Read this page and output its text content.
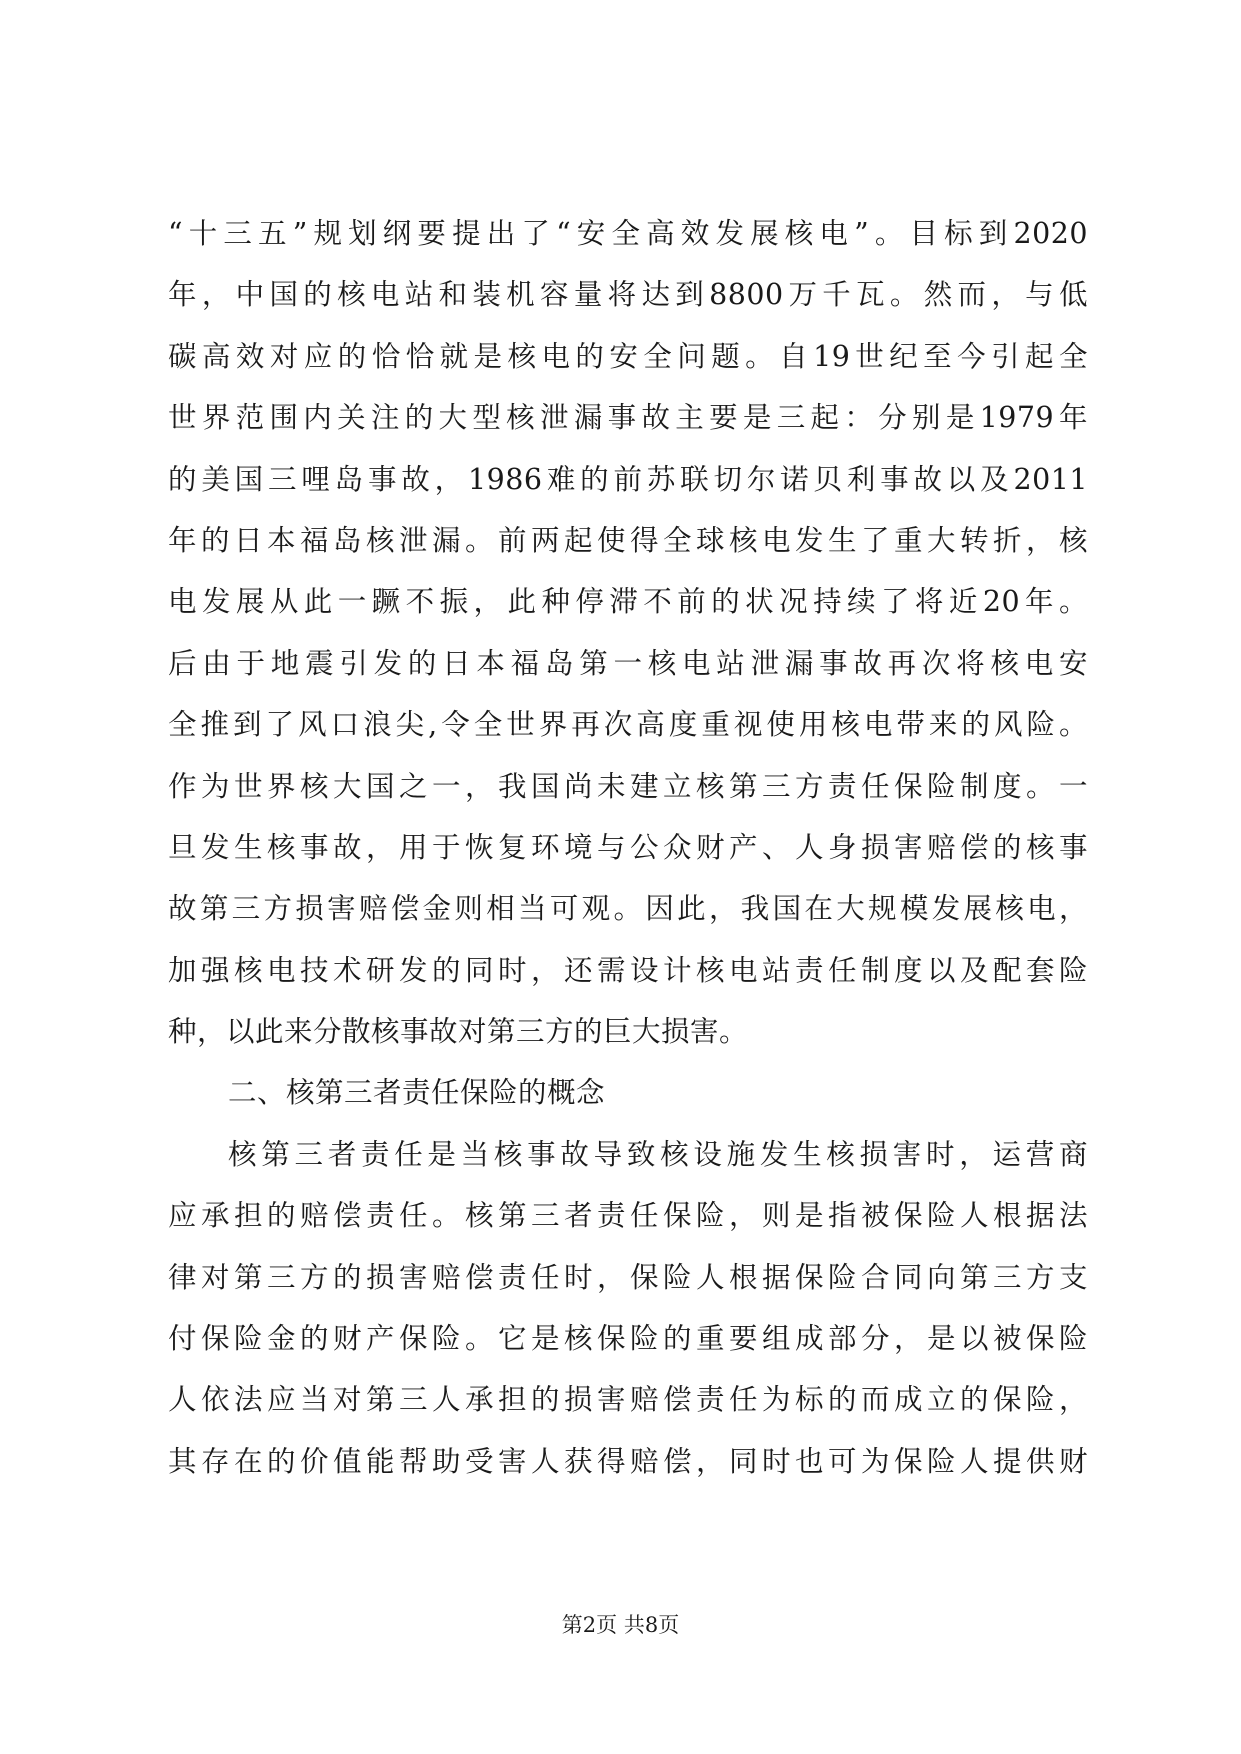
“十三五”规划纲要提出了“安全高效发展核电”。目标到2020
年，中国的核电站和装机容量将达到8800万千瓦。然而，与低
碳高效对应的恰恰就是核电的安全问题。自19世纪至今引起全
世界范围内关注的大型核泄漏事故主要是三起：分别是1979年
的美国三哩岛事故，1986难的前苏联切尔诺贝利事故以及2011
年的日本福岛核泄漏。前两起使得全球核电发生了重大转折，核
电发展从此一蹶不振，此种停滞不前的状况持续了将近20年。
后由于地震引发的日本福岛第一核电站泄漏事故再次将核电安
全推到了风口浪尖,令全世界再次高度重视使用核电带来的风险。
作为世界核大国之一，我国尚未建立核第三方责任保险制度。一
旦发生核事故，用于恢复环境与公众财产、人身损害赔偿的核事
故第三方损害赔偿金则相当可观。因此，我国在大规模发展核电，
加强核电技术研发的同时，还需设计核电站责任制度以及配套险
种，以此来分散核事故对第三方的巨大损害。
二、核第三者责任保险的概念
核第三者责任是当核事故导致核设施发生核损害时，运营商
应承担的赔偿责任。核第三者责任保险，则是指被保险人根据法
律对第三方的损害赔偿责任时，保险人根据保险合同向第三方支
付保险金的财产保险。它是核保险的重要组成部分，是以被保险
人依法应当对第三人承担的损害赔偿责任为标的而成立的保险，
其存在的价值能帮助受害人获得赔偿，同时也可为保险人提供财
第2页 共8页
